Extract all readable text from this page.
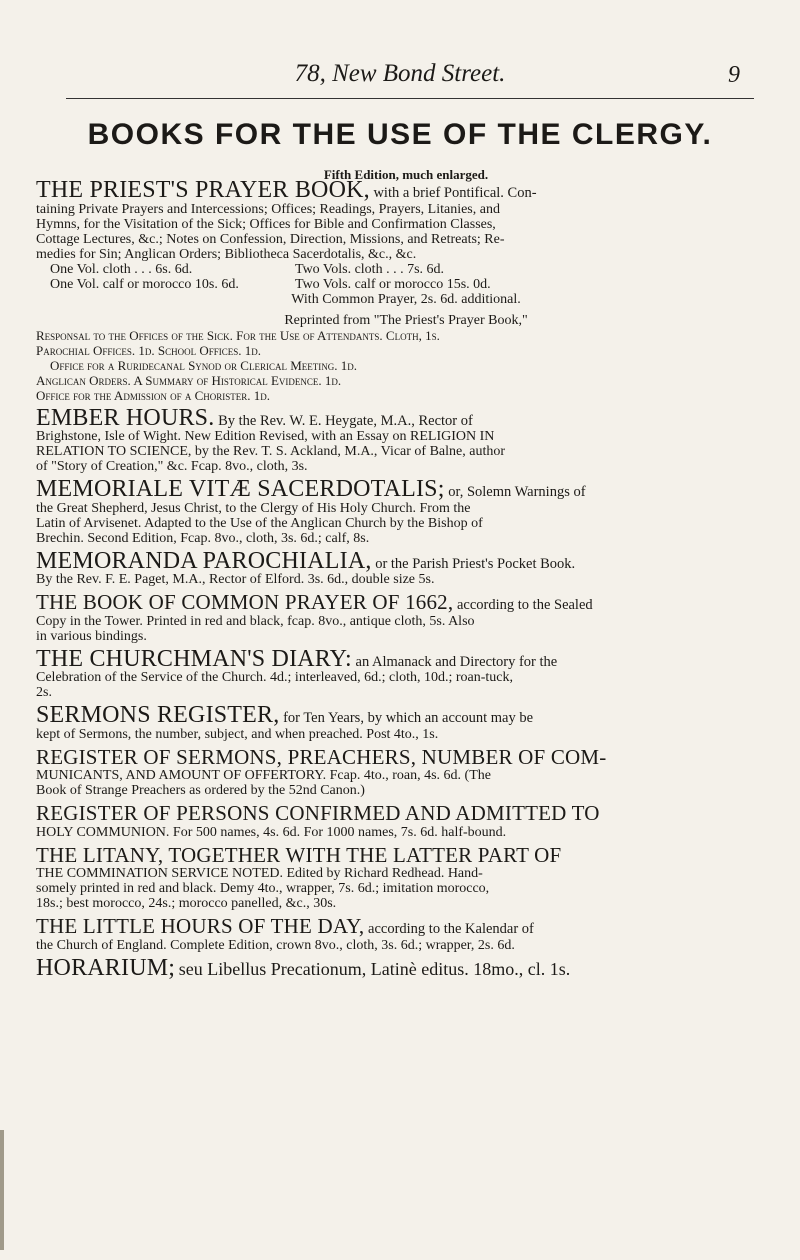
78, New Bond Street.	9
BOOKS FOR THE USE OF THE CLERGY.
Fifth Edition, much enlarged.
THE PRIEST'S PRAYER BOOK, with a brief Pontifical. Con-
taining Private Prayers and Intercessions; Offices; Readings, Prayers, Litanies, and
Hymns, for the Visitation of the Sick; Offices for Bible and Confirmation Classes,
Cottage Lectures, &c.; Notes on Confession, Direction, Missions, and Retreats; Re-
medies for Sin; Anglican Orders; Bibliotheca Sacerdotalis, &c., &c.
One Vol. cloth . . . 6s. 6d.	Two Vols. cloth . . . 7s. 6d.
One Vol. calf or morocco 10s. 6d.	Two Vols. calf or morocco 15s. 0d.
With Common Prayer, 2s. 6d. additional.
Reprinted from "The Priest's Prayer Book,"
Responsal to the Offices of the Sick. For the Use of Attendants. Cloth, 1s.
Parochial Offices. 1d. School Offices. 1d.
Office for a Ruridecanal Synod or Clerical Meeting. 1d.
Anglican Orders. A Summary of Historical Evidence. 1d.
Office for the Admission of a Chorister. 1d.
EMBER HOURS. By the Rev. W. E. Heygate, M.A., Rector of
Brighstone, Isle of Wight. New Edition Revised, with an Essay on RELIGION IN
RELATION TO SCIENCE, by the Rev. T. S. Ackland, M.A., Vicar of Balne, author
of "Story of Creation," &c. Fcap. 8vo., cloth, 3s.
MEMORIALE VITÆ SACERDOTALIS; or, Solemn Warnings of
the Great Shepherd, Jesus Christ, to the Clergy of His Holy Church. From the
Latin of Arvisenet. Adapted to the Use of the Anglican Church by the Bishop of
Brechin. Second Edition, Fcap. 8vo., cloth, 3s. 6d.; calf, 8s.
MEMORANDA PAROCHIALIA, or the Parish Priest's Pocket Book.
By the Rev. F. E. Paget, M.A., Rector of Elford. 3s. 6d., double size 5s.
THE BOOK OF COMMON PRAYER OF 1662, according to the Sealed
Copy in the Tower. Printed in red and black, fcap. 8vo., antique cloth, 5s. Also
in various bindings.
THE CHURCHMAN'S DIARY: an Almanack and Directory for the
Celebration of the Service of the Church. 4d.; interleaved, 6d.; cloth, 10d.; roan-tuck,
2s.
SERMONS REGISTER, for Ten Years, by which an account may be
kept of Sermons, the number, subject, and when preached. Post 4to., 1s.
REGISTER OF SERMONS, PREACHERS, NUMBER OF COM-
MUNICANTS, AND AMOUNT OF OFFERTORY. Fcap. 4to., roan, 4s. 6d. (The
Book of Strange Preachers as ordered by the 52nd Canon.)
REGISTER OF PERSONS CONFIRMED AND ADMITTED TO
HOLY COMMUNION. For 500 names, 4s. 6d. For 1000 names, 7s. 6d. half-bound.
THE LITANY, TOGETHER WITH THE LATTER PART OF
THE COMMINATION SERVICE NOTED. Edited by Richard Redhead. Hand-
somely printed in red and black. Demy 4to., wrapper, 7s. 6d.; imitation morocco,
18s.; best morocco, 24s.; morocco panelled, &c., 30s.
THE LITTLE HOURS OF THE DAY, according to the Kalendar of
the Church of England. Complete Edition, crown 8vo., cloth, 3s. 6d.; wrapper, 2s. 6d.
HORARIUM; seu Libellus Precationum, Latinè editus. 18mo., cl. 1s.
